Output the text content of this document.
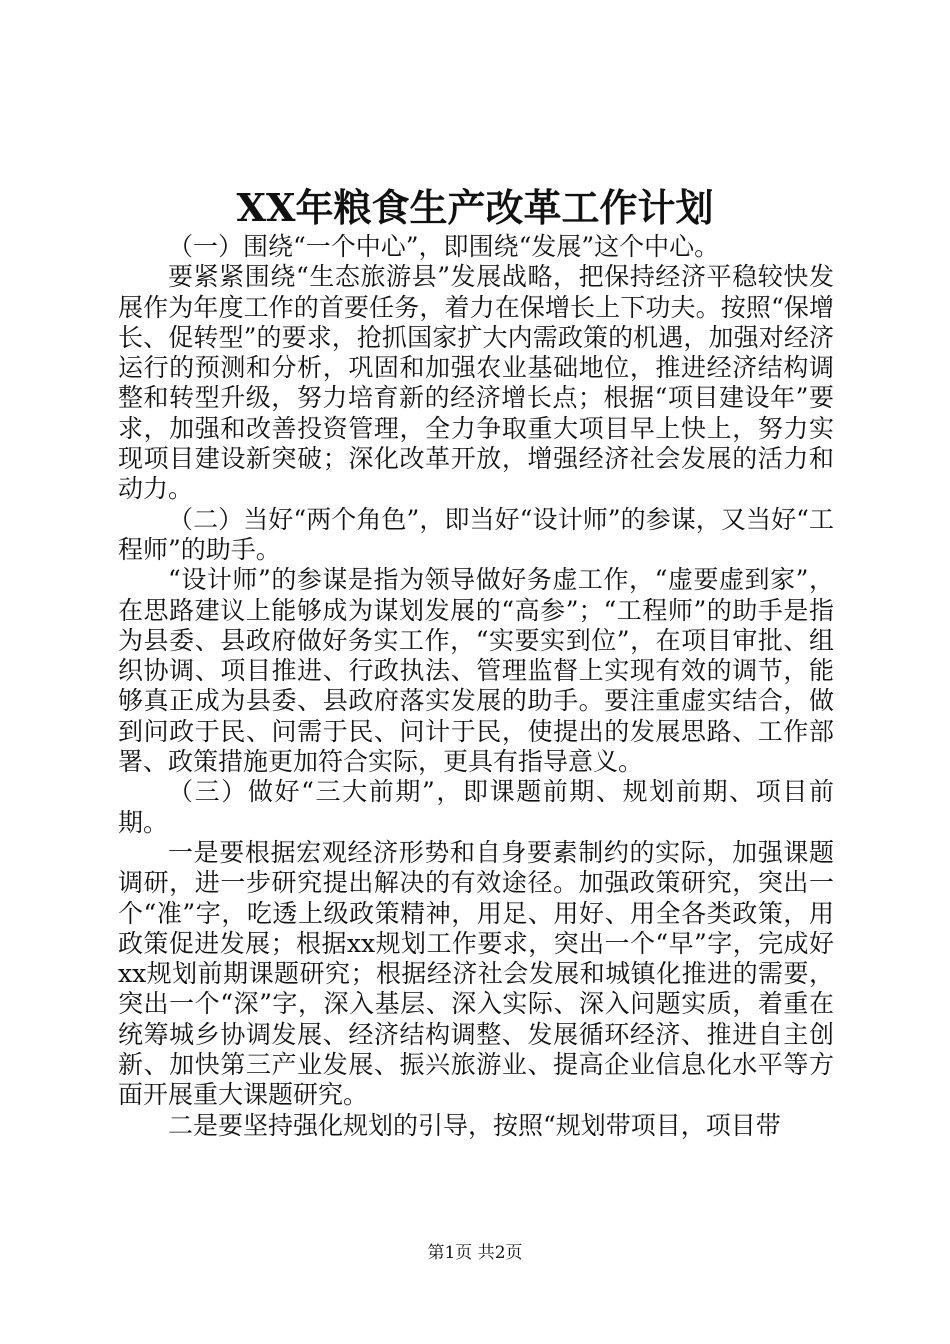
XX年粮食生产改革工作计划

（一）围绕“一个中心”，即围绕“发展”这个中心。

要紧紧围绕“生态旅游县”发展战略，把保持经济平稳较快发展作为年度工作的首要任务，着力在保增长上下功夫。按照“保增长、促转型”的要求，抢抓国家扩大内需政策的机遇，加强对经济运行的预测和分析，巩固和加强农业基础地位，推进经济结构调整和转型升级，努力培育新的经济增长点；根据“项目建设年”要求，加强和改善投资管理，全力争取重大项目早上快上，努力实现项目建设新突破；深化改革开放，增强经济社会发展的活力和动力。

（二）当好“两个角色”，即当好“设计师”的参谋，又当好“工程师”的助手。

“设计师”的参谋是指为领导做好务虚工作，“虚要虚到家”，在思路建议上能够成为谋划发展的“高参”；“工程师”的助手是指为县委、县政府做好务实工作，“实要实到位”，在项目审批、组织协调、项目推进、行政执法、管理监督上实现有效的调节，能够真正成为县委、县政府落实发展的助手。要注重虚实结合，做到问政于民、问需于民、问计于民，使提出的发展思路、工作部署、政策措施更加符合实际，更具有指导意义。

（三）做好“三大前期”，即课题前期、规划前期、项目前期。

一是要根据宏观经济形势和自身要素制约的实际，加强课题调研，进一步研究提出解决的有效途径。加强政策研究，突出一个“准”字，吃透上级政策精神，用足、用好、用全各类政策，用政策促进发展；根据xx规划工作要求，突出一个“早”字，完成好xx规划前期课题研究；根据经济社会发展和城镇化推进的需要，突出一个“深”字，深入基层、深入实际、深入问题实质，着重在统筹城乡协调发展、经济结构调整、发展循环经济、推进自主创新、加快第三产业发展、振兴旅游业、提高企业信息化水平等方面开展重大课题研究。

二是要坚持强化规划的引导，按照“规划带项目，项目带

第1页 共2页
